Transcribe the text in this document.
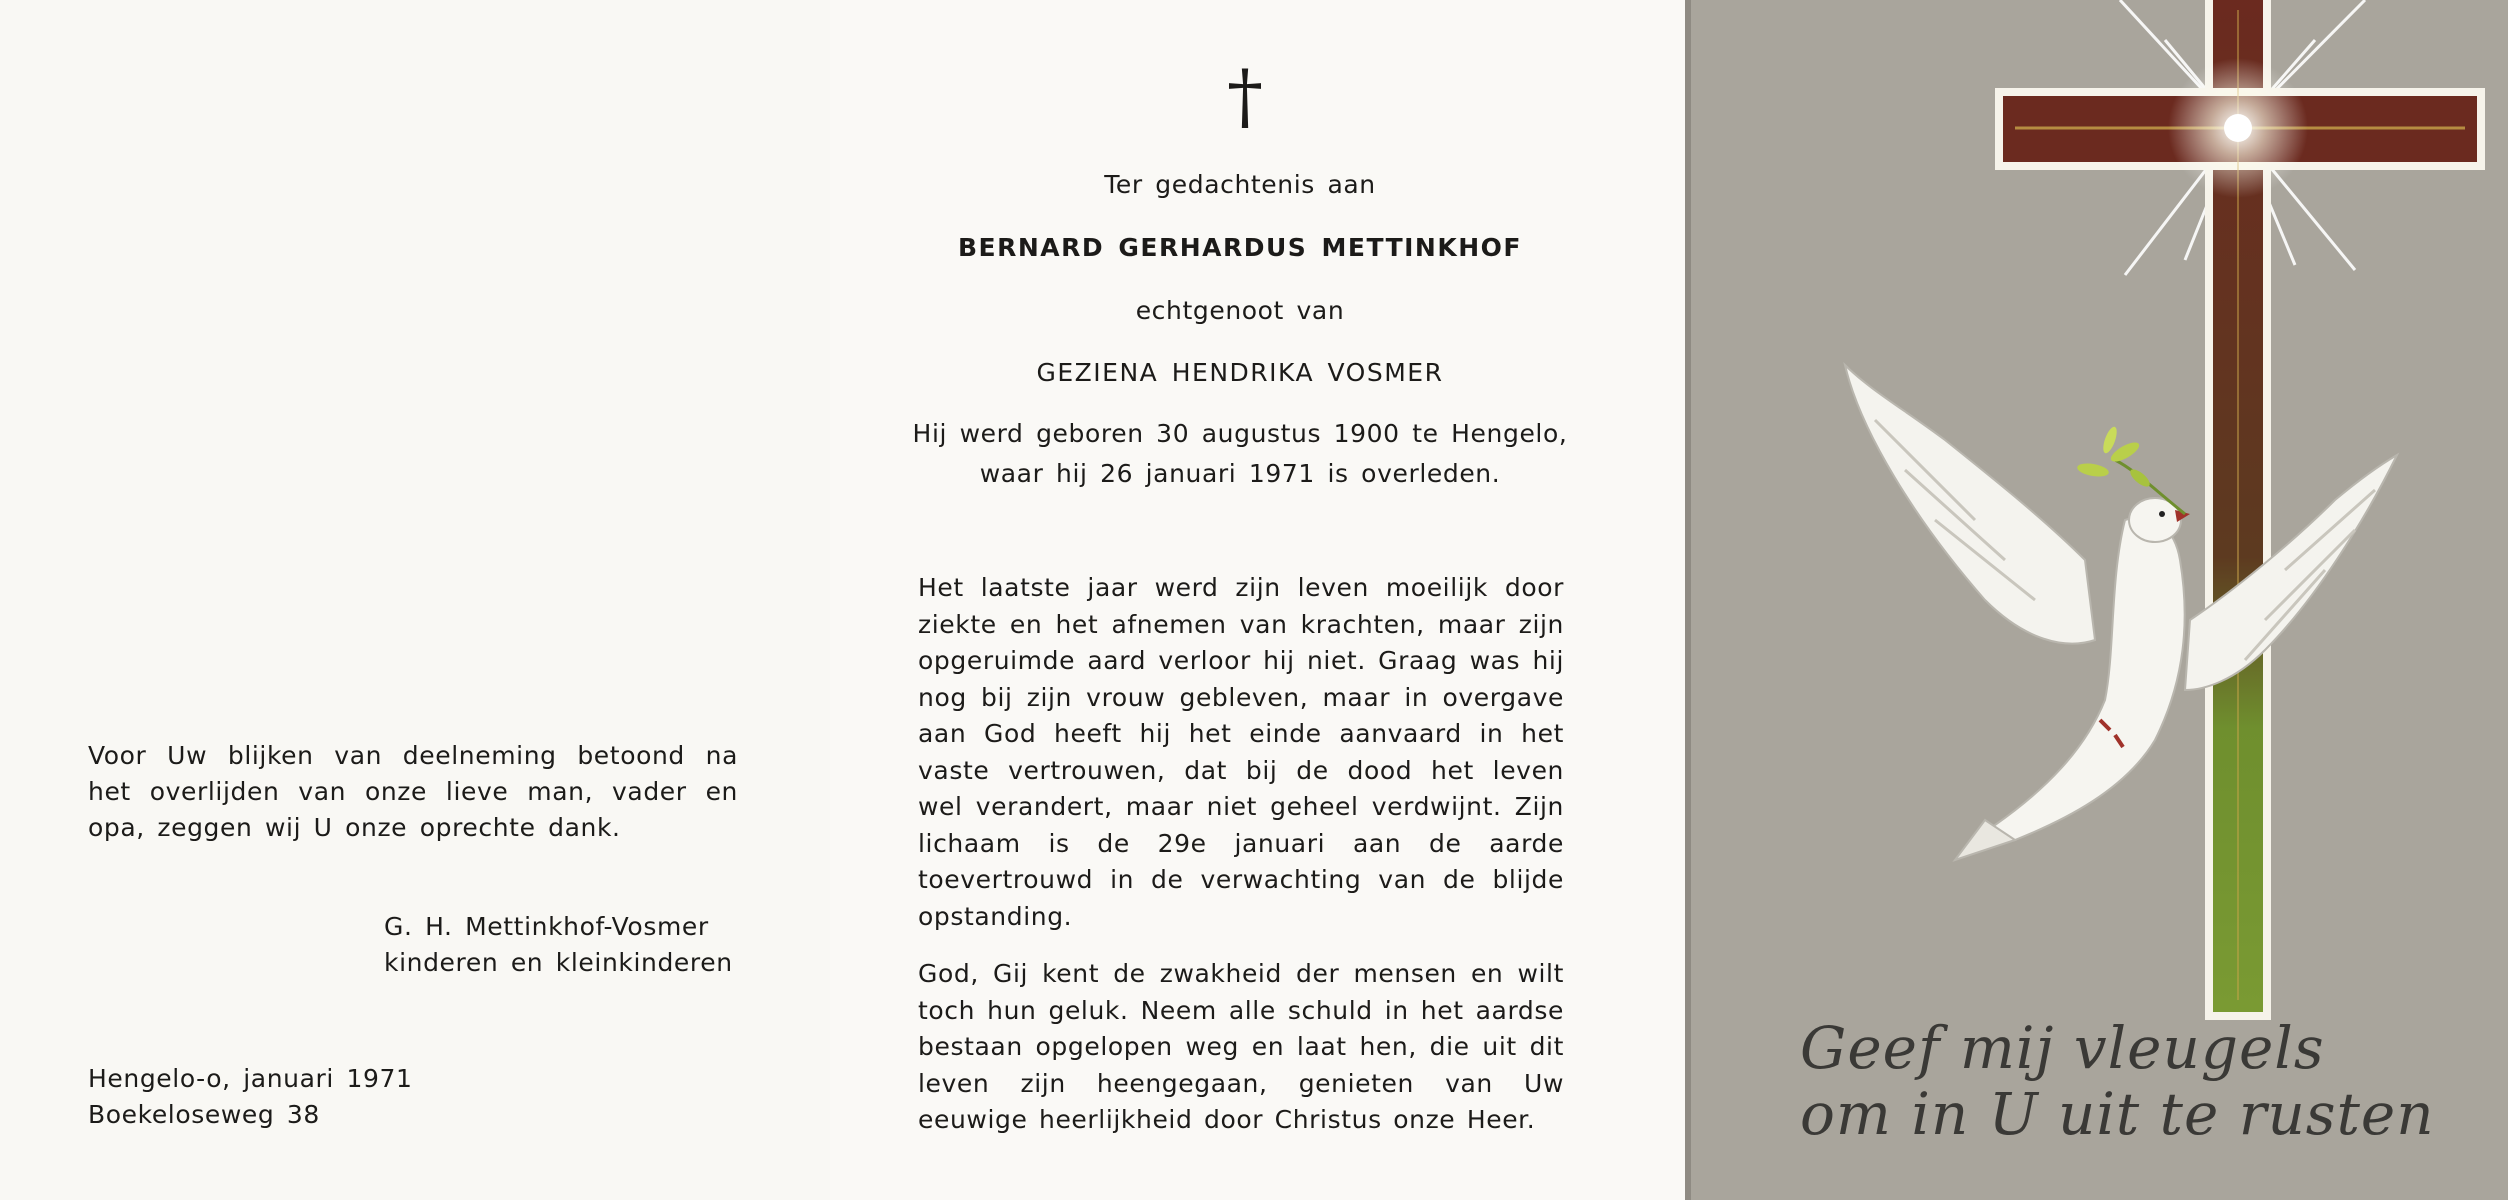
Voor Uw blijken van deelneming betoond na het overlijden van onze lieve man, vader en opa, zeggen wij U onze oprechte dank.
G. H. Mettinkhof-Vosmer
kinderen en kleinkinderen
Hengelo-o, januari 1971
Boekeloseweg 38
†
Ter gedachtenis aan
BERNARD GERHARDUS METTINKHOF
echtgenoot van
GEZIENA HENDRIKA VOSMER
Hij werd geboren 30 augustus 1900 te Hengelo,
waar hij 26 januari 1971 is overleden.
Het laatste jaar werd zijn leven moeilijk door ziekte en het afnemen van krachten, maar zijn opgeruimde aard verloor hij niet. Graag was hij nog bij zijn vrouw gebleven, maar in overgave aan God heeft hij het einde aanvaard in het vaste vertrouwen, dat bij de dood het leven wel verandert, maar niet geheel verdwijnt. Zijn lichaam is de 29e januari aan de aarde toevertrouwd in de verwachting van de blijde opstanding.
God, Gij kent de zwakheid der mensen en wilt toch hun geluk. Neem alle schuld in het aardse bestaan opgelopen weg en laat hen, die uit dit leven zijn heengegaan, genieten van Uw eeuwige heerlijkheid door Christus onze Heer.
Geef mij vleugels
om in U uit te rusten
